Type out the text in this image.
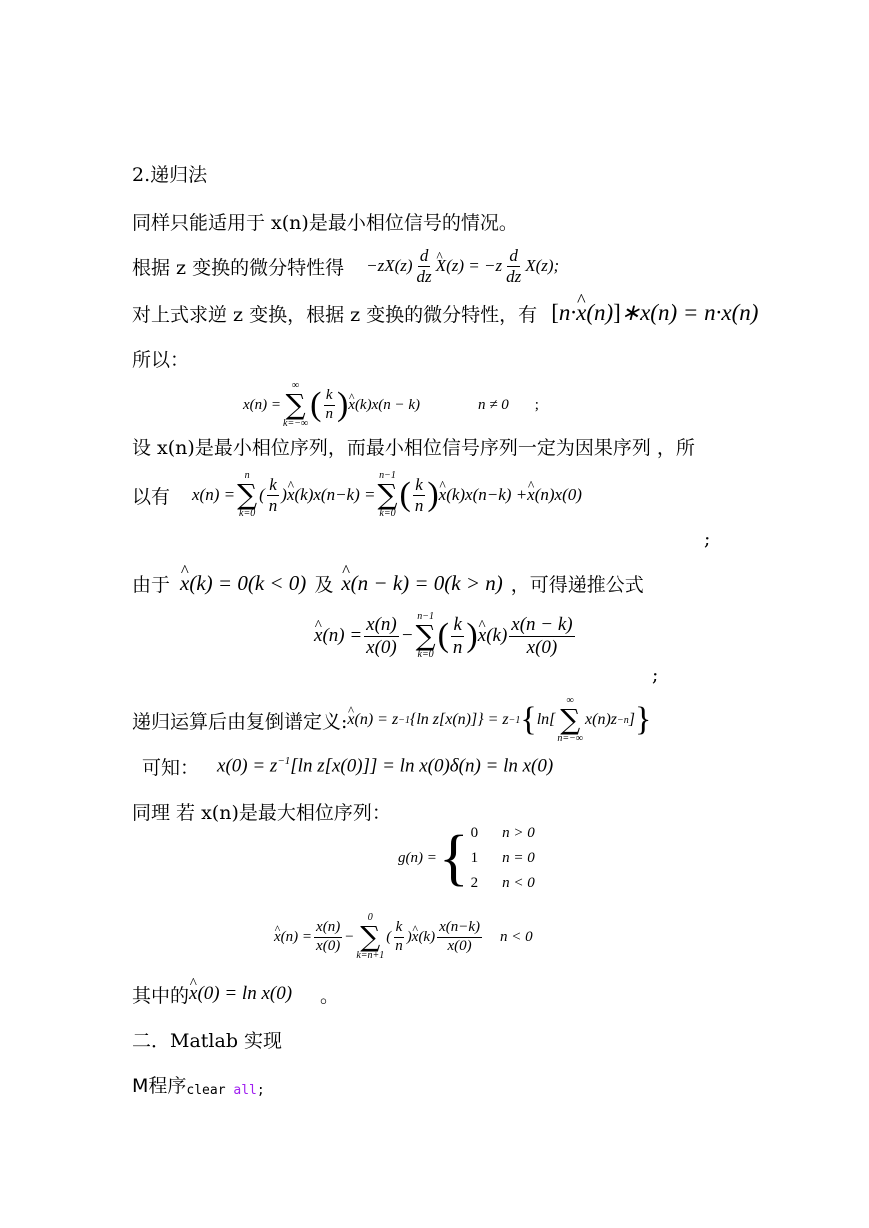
2.递归法
同样只能适用于 x(n)是最小相位信号的情况。
根据 z 变换的微分特性得 − zX ( z ) $\frac{d}{dz}$ ^ X $(z) = -z \frac{d}{dz} X(z)$;
对上式求逆 z 变换，根据 z 变换的微分特性，有 [n·^ x(n)]∗x(n) = n·x(n)
所以：
x(n) =
∞
∑
k=−∞
( $\frac{k}{n}$ ) ^ x (k)x(n − k)	n ≠ 0 ;
设 x(n)是最小相位序列，而最小相位信号序列一定为因果序列 ，所
以有 x(n) =
n
∑
k=0
( $\frac{k}{n}$ ) ^ x (k)x(n−k) =
n−1
∑
k=0
( $\frac{k}{n}$ ) ^ x (k)x(n−k) + ^ x (n)x(0)
;
由于 ^ x(k) = 0(k < 0) 及 ^ x(n − k) = 0(k > n) ，可得递推公式
^ x $(n) = \frac{x(n)}{x(0)}$ −
n−1
∑
k=0
( $\frac{k}{n}$ ) ^ x $(k) \frac{x(n - k)}{x(0)}$
;
递归运算后由复倒谱定义: ^ x (n) = z −1 {ln z[x(n)]} = z −1 { ln[
∞
∑
n=−∞
x(n)z −n ] }
可知： $x(0) = z^{-1}[\ln$ z[x(0)]] = ln x(0)δ(n) = ln x(0)
同理 若 x(n)是最大相位序列：
g(n) = { 0 n > 0
1 n = 0
2 n < 0
^ x $(n) = \frac{x(n)}{x(0)}$ −
0
∑
k=n+1
( $\frac{k}{n}$ ) ^ x $(k) \frac{x(n-k)}{x(0)}$ n < 0
其中的 ^ x(0) = ln x(0) 。
二．Matlab 实现
M程序 clear all;
